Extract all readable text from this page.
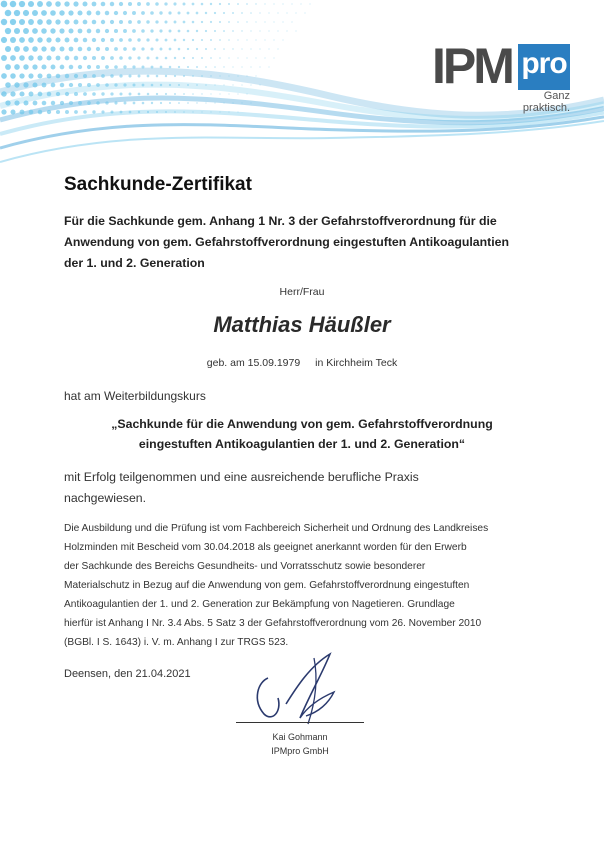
IPM pro
Ganz
praktisch.
Sachkunde-Zertifikat
Für die Sachkunde gem. Anhang 1 Nr. 3 der Gefahrstoffverordnung für die
Anwendung von gem. Gefahrstoffverordnung eingestuften Antikoagulantien
der 1. und 2. Generation
Herr/Frau
Matthias Häußler
geb. am 15.09.1979 in Kirchheim Teck
hat am Weiterbildungskurs
„Sachkunde für die Anwendung von gem. Gefahrstoffverordnung
eingestuften Antikoagulantien der 1. und 2. Generation“
mit Erfolg teilgenommen und eine ausreichende berufliche Praxis
nachgewiesen.
Die Ausbildung und die Prüfung ist vom Fachbereich Sicherheit und Ordnung des Landkreises
Holzminden mit Bescheid vom 30.04.2018 als geeignet anerkannt worden für den Erwerb
der Sachkunde des Bereichs Gesundheits- und Vorratsschutz sowie besonderer
Materialschutz in Bezug auf die Anwendung von gem. Gefahrstoffverordnung eingestuften
Antikoagulantien der 1. und 2. Generation zur Bekämpfung von Nagetieren. Grundlage
hierfür ist Anhang I Nr. 3.4 Abs. 5 Satz 3 der Gefahrstoffverordnung vom 26. November 2010
(BGBl. I S. 1643) i. V. m. Anhang I zur TRGS 523.
Deensen, den 21.04.2021
Kai Gohmann
IPMpro GmbH
